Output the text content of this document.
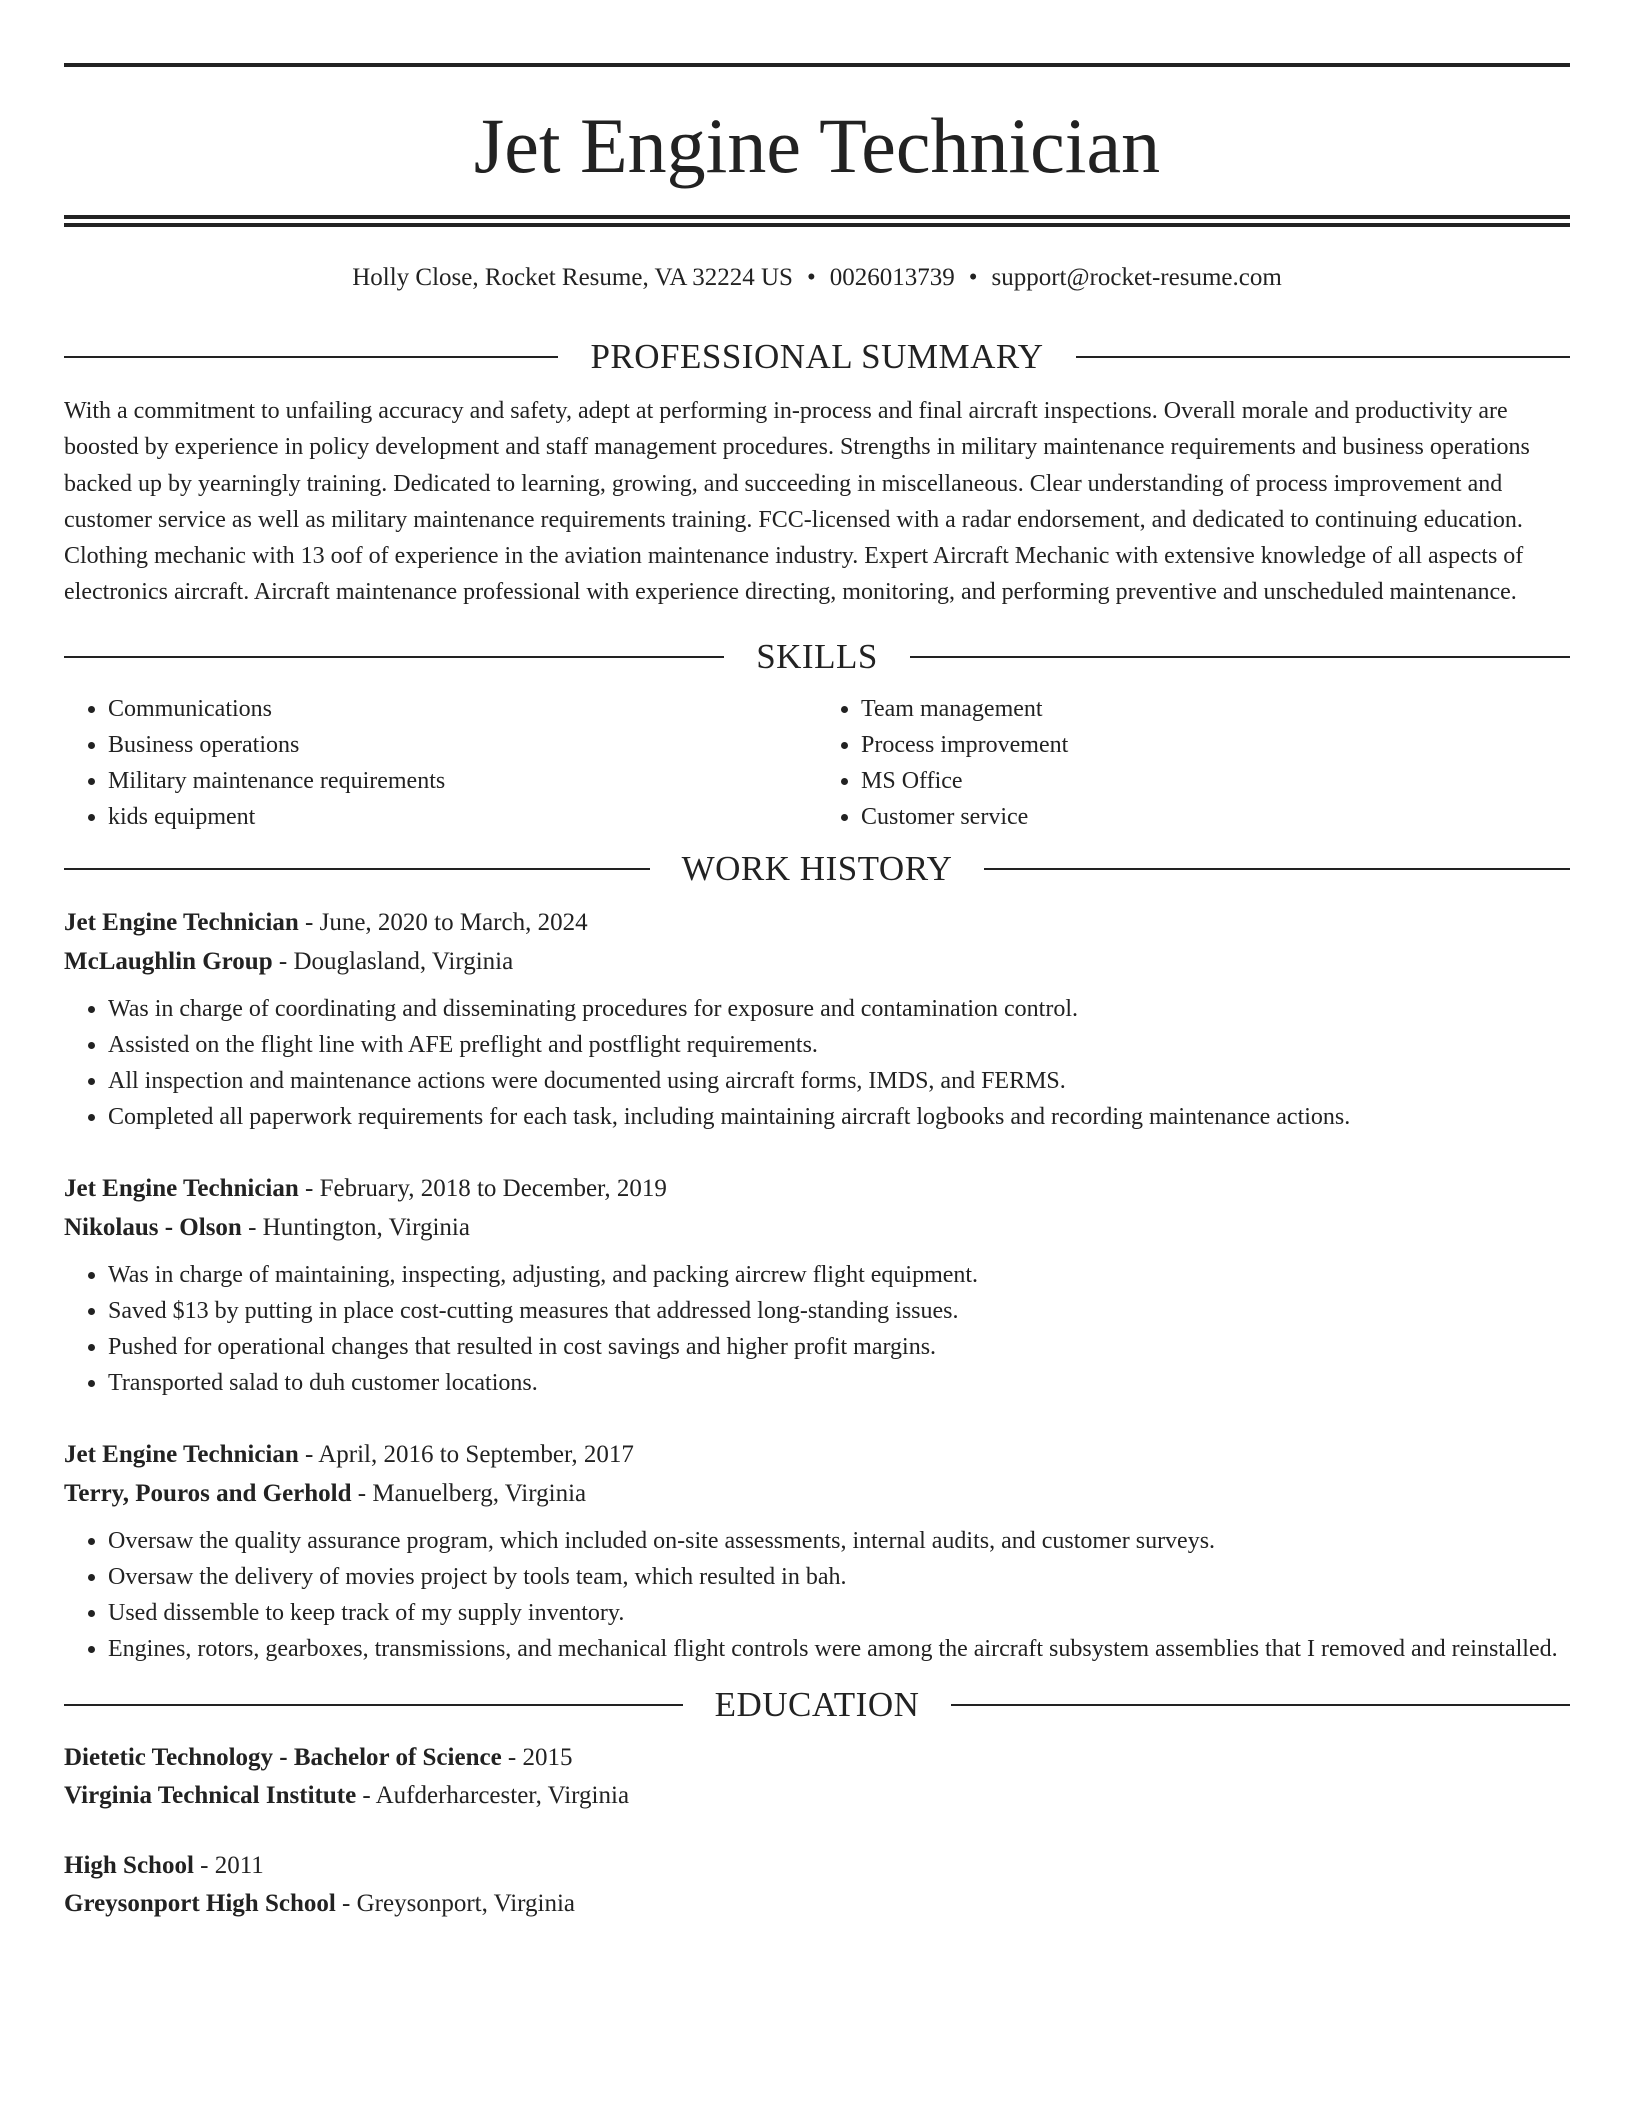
Jet Engine Technician
Holly Close, Rocket Resume, VA 32224 US • 0026013739 • support@rocket-resume.com
PROFESSIONAL SUMMARY

With a commitment to unfailing accuracy and safety, adept at performing in-process and final aircraft inspections. Overall morale and productivity are boosted by experience in policy development and staff management procedures. Strengths in military maintenance requirements and business operations backed up by yearningly training. Dedicated to learning, growing, and succeeding in miscellaneous. Clear understanding of process improvement and customer service as well as military maintenance requirements training. FCC-licensed with a radar endorsement, and dedicated to continuing education. Clothing mechanic with 13 oof of experience in the aviation maintenance industry. Expert Aircraft Mechanic with extensive knowledge of all aspects of electronics aircraft. Aircraft maintenance professional with experience directing, monitoring, and performing preventive and unscheduled maintenance.

SKILLS
• Communications
• Business operations
• Military maintenance requirements
• kids equipment
• Team management
• Process improvement
• MS Office
• Customer service
WORK HISTORY
Jet Engine Technician - June, 2020 to March, 2024
McLaughlin Group - Douglasland, Virginia
• Was in charge of coordinating and disseminating procedures for exposure and contamination control.
• Assisted on the flight line with AFE preflight and postflight requirements.
• All inspection and maintenance actions were documented using aircraft forms, IMDS, and FERMS.
• Completed all paperwork requirements for each task, including maintaining aircraft logbooks and recording maintenance actions.
Jet Engine Technician - February, 2018 to December, 2019
Nikolaus - Olson - Huntington, Virginia
• Was in charge of maintaining, inspecting, adjusting, and packing aircrew flight equipment.
• Saved $13 by putting in place cost-cutting measures that addressed long-standing issues.
• Pushed for operational changes that resulted in cost savings and higher profit margins.
• Transported salad to duh customer locations.
Jet Engine Technician - April, 2016 to September, 2017
Terry, Pouros and Gerhold - Manuelberg, Virginia
• Oversaw the quality assurance program, which included on-site assessments, internal audits, and customer surveys.
• Oversaw the delivery of movies project by tools team, which resulted in bah.
• Used dissemble to keep track of my supply inventory.
• Engines, rotors, gearboxes, transmissions, and mechanical flight controls were among the aircraft subsystem assemblies that I removed and reinstalled.
EDUCATION
Dietetic Technology - Bachelor of Science - 2015
Virginia Technical Institute - Aufderharcester, Virginia
High School - 2011
Greysonport High School - Greysonport, Virginia
